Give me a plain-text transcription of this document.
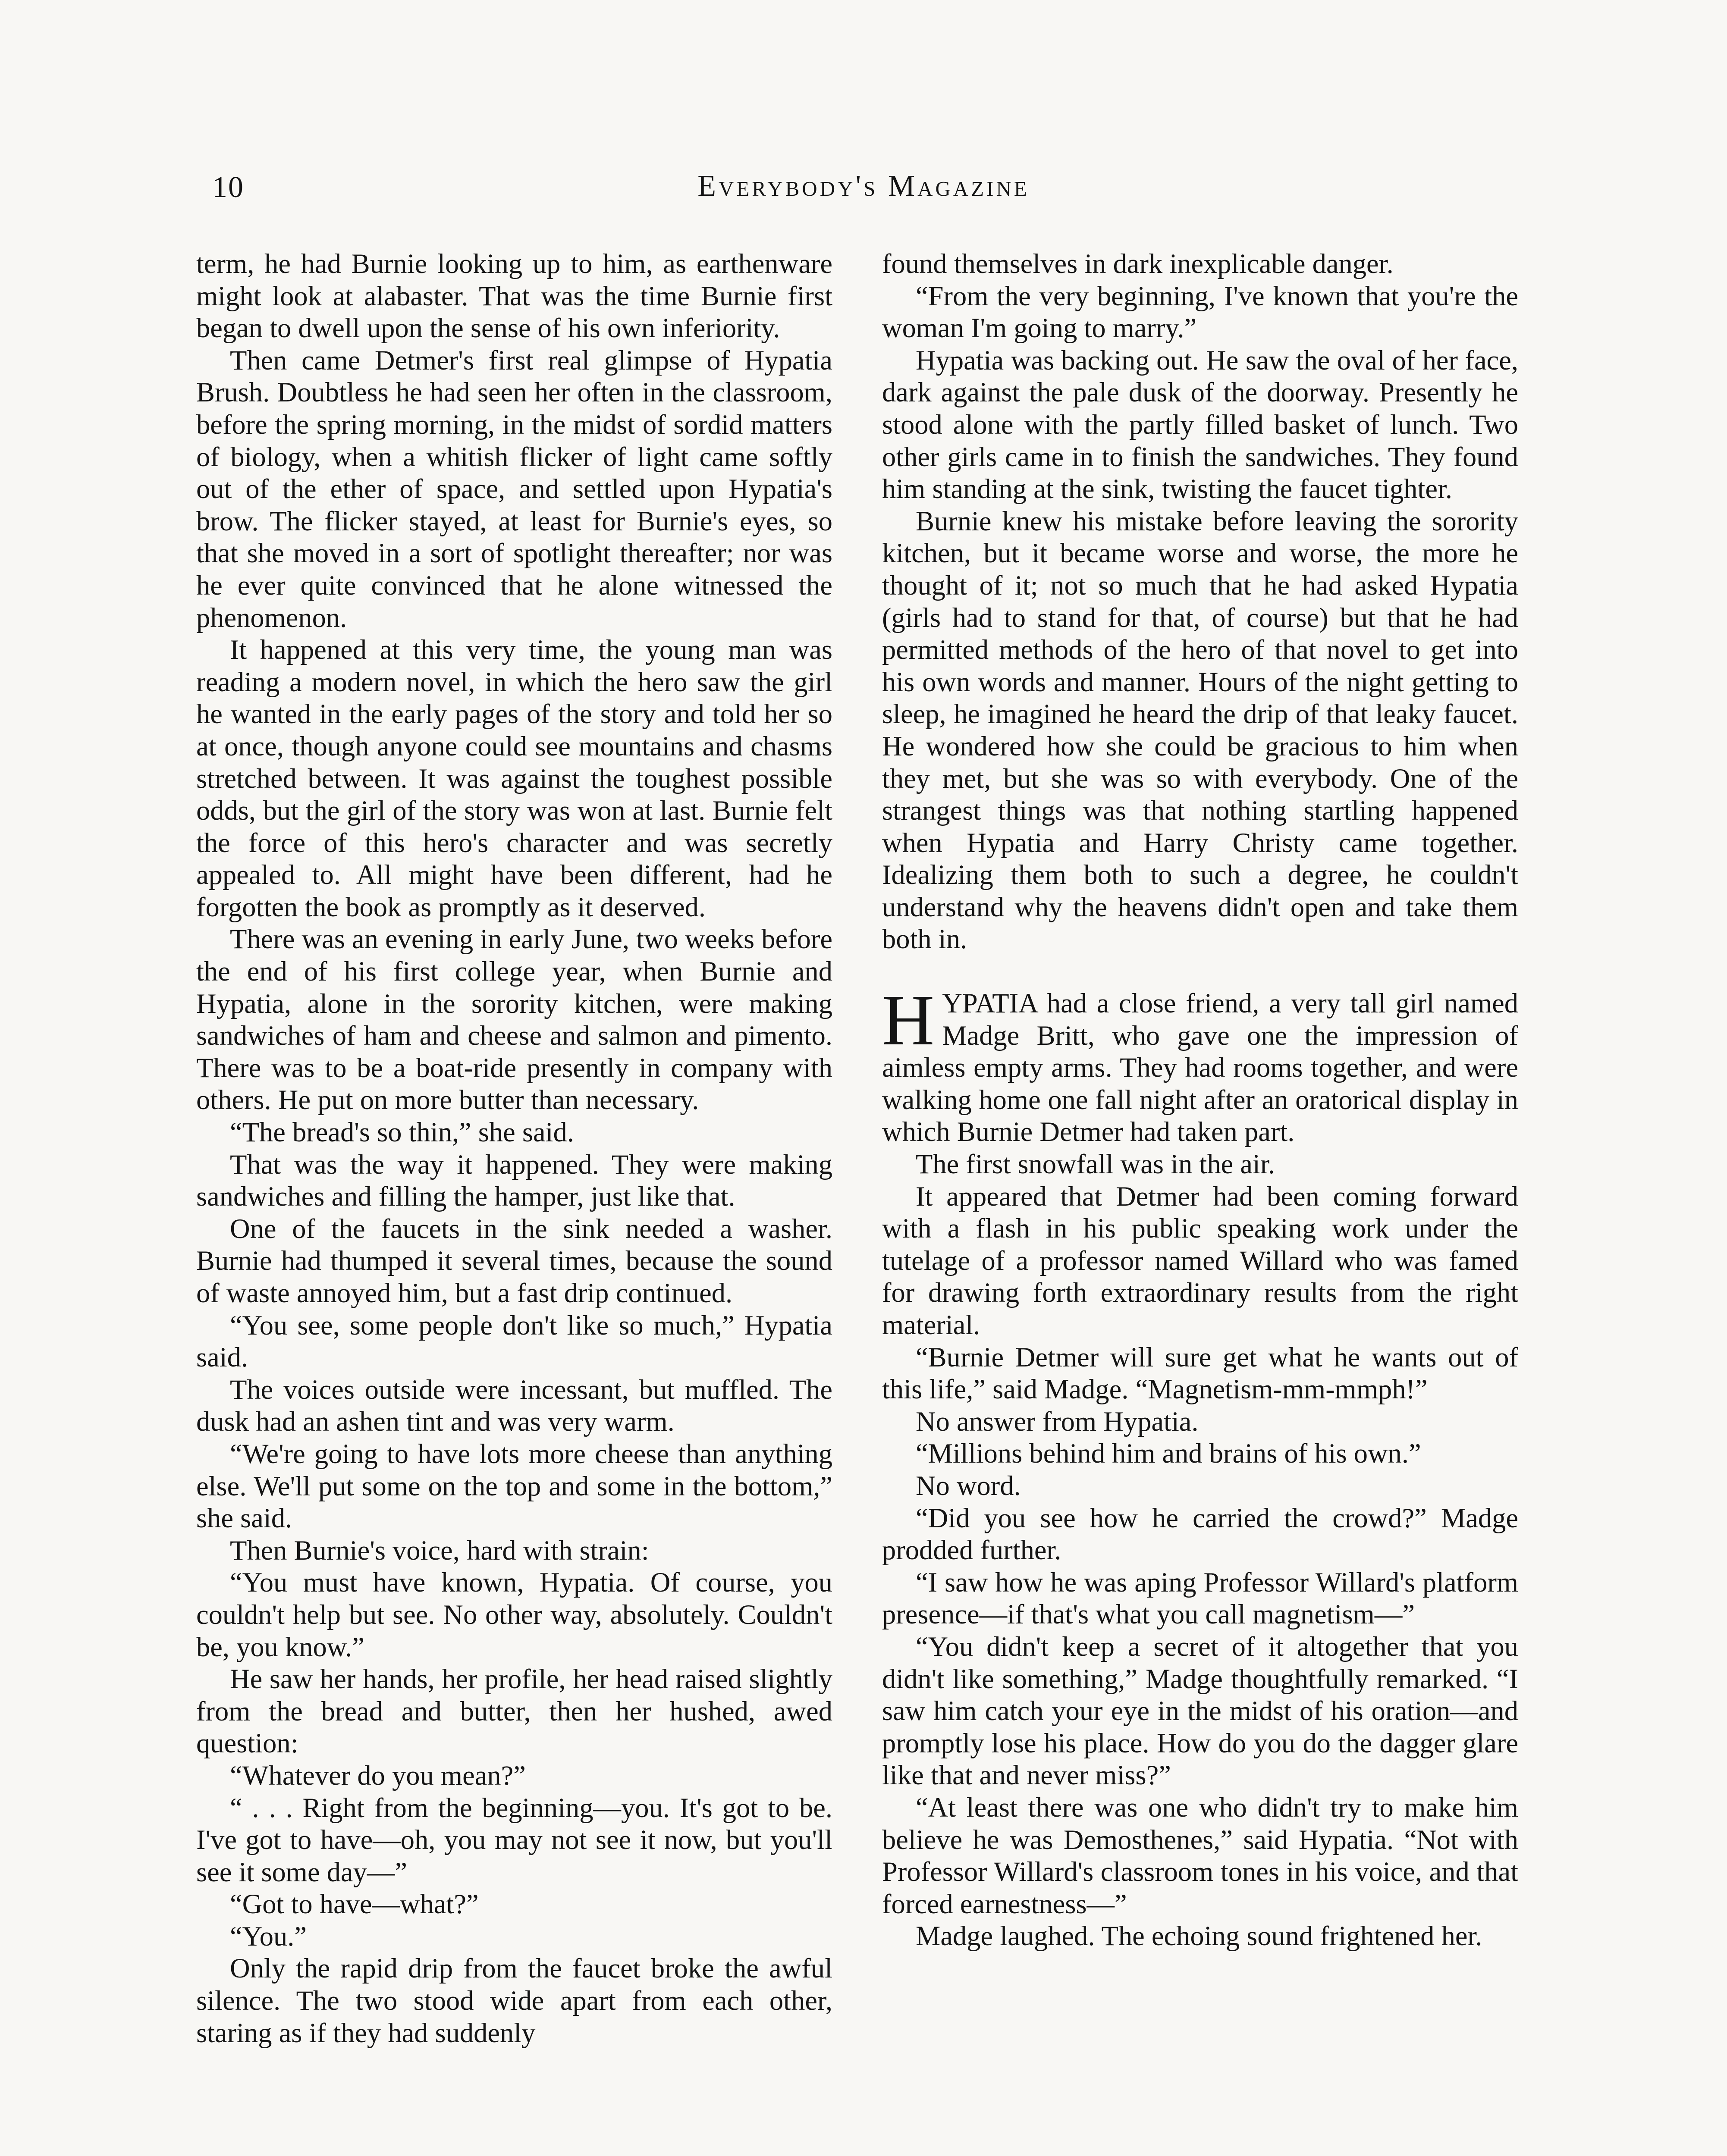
10	Everybody's Magazine

term, he had Burnie looking up to him, as earthenware might look at alabaster. That was the time Burnie first began to dwell upon the sense of his own inferiority.

Then came Detmer's first real glimpse of Hypatia Brush. Doubtless he had seen her often in the classroom, before the spring morning, in the midst of sordid matters of biology, when a whitish flicker of light came softly out of the ether of space, and settled upon Hypatia's brow. The flicker stayed, at least for Burnie's eyes, so that she moved in a sort of spotlight thereafter; nor was he ever quite convinced that he alone witnessed the phenomenon.

It happened at this very time, the young man was reading a modern novel, in which the hero saw the girl he wanted in the early pages of the story and told her so at once, though anyone could see mountains and chasms stretched between. It was against the toughest possible odds, but the girl of the story was won at last. Burnie felt the force of this hero's character and was secretly appealed to. All might have been different, had he forgotten the book as promptly as it deserved.

There was an evening in early June, two weeks before the end of his first college year, when Burnie and Hypatia, alone in the sorority kitchen, were making sandwiches of ham and cheese and salmon and pimento. There was to be a boat-ride presently in company with others. He put on more butter than necessary.

“The bread's so thin,” she said.

That was the way it happened. They were making sandwiches and filling the hamper, just like that.

One of the faucets in the sink needed a washer. Burnie had thumped it several times, because the sound of waste annoyed him, but a fast drip continued.

“You see, some people don't like so much,” Hypatia said.

The voices outside were incessant, but muffled. The dusk had an ashen tint and was very warm.

“We're going to have lots more cheese than anything else. We'll put some on the top and some in the bottom,” she said.

Then Burnie's voice, hard with strain:

“You must have known, Hypatia. Of course, you couldn't help but see. No other way, absolutely. Couldn't be, you know.”

He saw her hands, her profile, her head raised slightly from the bread and butter, then her hushed, awed question:

“Whatever do you mean?”

“ . . . Right from the beginning—you. It's got to be. I've got to have—oh, you may not see it now, but you'll see it some day—”

“Got to have—what?”

“You.”

Only the rapid drip from the faucet broke the awful silence. The two stood wide apart from each other, staring as if they had suddenly

found themselves in dark inexplicable danger.

“From the very beginning, I've known that you're the woman I'm going to marry.”

Hypatia was backing out. He saw the oval of her face, dark against the pale dusk of the doorway. Presently he stood alone with the partly filled basket of lunch. Two other girls came in to finish the sandwiches. They found him standing at the sink, twisting the faucet tighter.

Burnie knew his mistake before leaving the sorority kitchen, but it became worse and worse, the more he thought of it; not so much that he had asked Hypatia (girls had to stand for that, of course) but that he had permitted methods of the hero of that novel to get into his own words and manner. Hours of the night getting to sleep, he imagined he heard the drip of that leaky faucet. He wondered how she could be gracious to him when they met, but she was so with everybody. One of the strangest things was that nothing startling happened when Hypatia and Harry Christy came together. Idealizing them both to such a degree, he couldn't understand why the heavens didn't open and take them both in.

HYPATIA had a close friend, a very tall girl named Madge Britt, who gave one the impression of aimless empty arms. They had rooms together, and were walking home one fall night after an oratorical display in which Burnie Detmer had taken part.

The first snowfall was in the air.

It appeared that Detmer had been coming forward with a flash in his public speaking work under the tutelage of a professor named Willard who was famed for drawing forth extraordinary results from the right material.

“Burnie Detmer will sure get what he wants out of this life,” said Madge. “Magnetism-mm-mmph!”

No answer from Hypatia.

“Millions behind him and brains of his own.”

No word.

“Did you see how he carried the crowd?” Madge prodded further.

“I saw how he was aping Professor Willard's platform presence—if that's what you call magnetism—”

“You didn't keep a secret of it altogether that you didn't like something,” Madge thoughtfully remarked. “I saw him catch your eye in the midst of his oration—and promptly lose his place. How do you do the dagger glare like that and never miss?”

“At least there was one who didn't try to make him believe he was Demosthenes,” said Hypatia. “Not with Professor Willard's classroom tones in his voice, and that forced earnestness—”

Madge laughed. The echoing sound frightened her.
